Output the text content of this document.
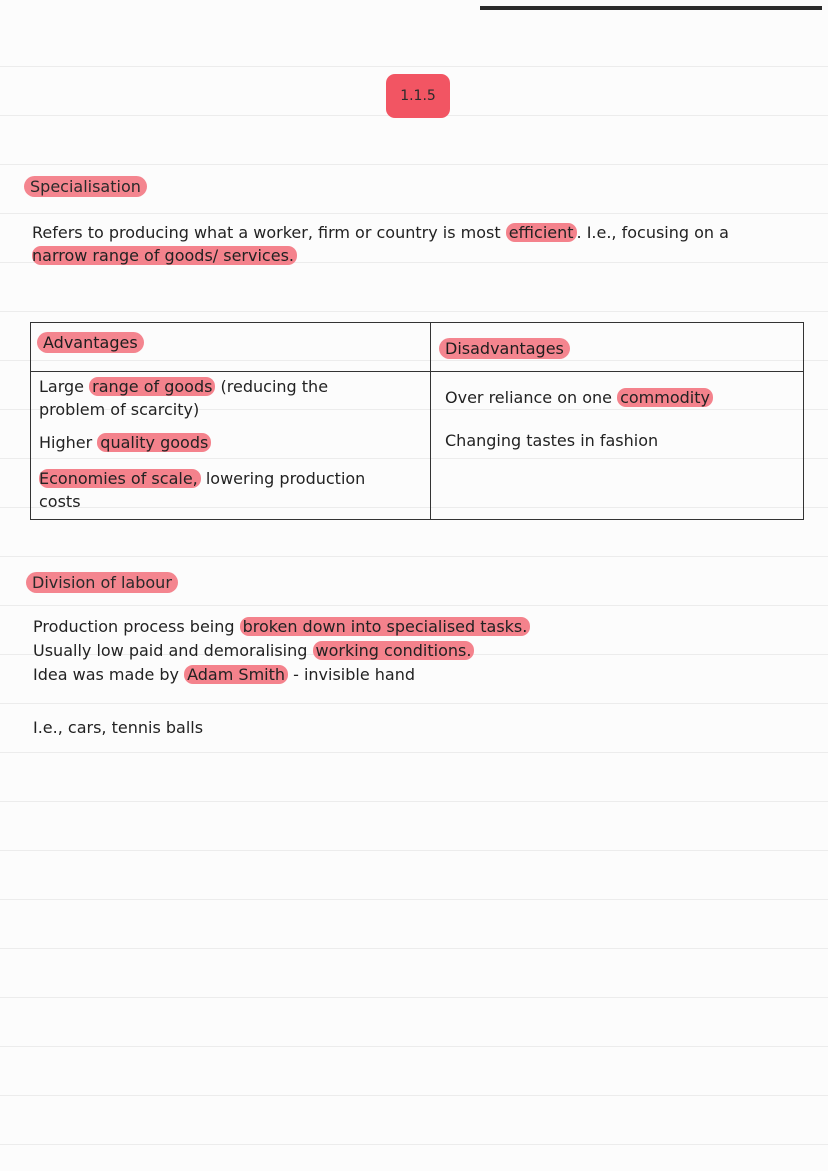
1.1.5
Specialisation
Refers to producing what a worker, firm or country is most efficient . I.e., focusing on a
narrow range of goods/ services.
Advantages
Large range of goods (reducing the
problem of scarcity)
Higher quality goods
Economies of scale, lowering production
costs
Disadvantages
Over reliance on one commodity
Changing tastes in fashion
Division of labour
Production process being broken down into specialised tasks.
Usually low paid and demoralising working conditions.
Idea was made by Adam Smith - invisible hand
I.e., cars, tennis balls
